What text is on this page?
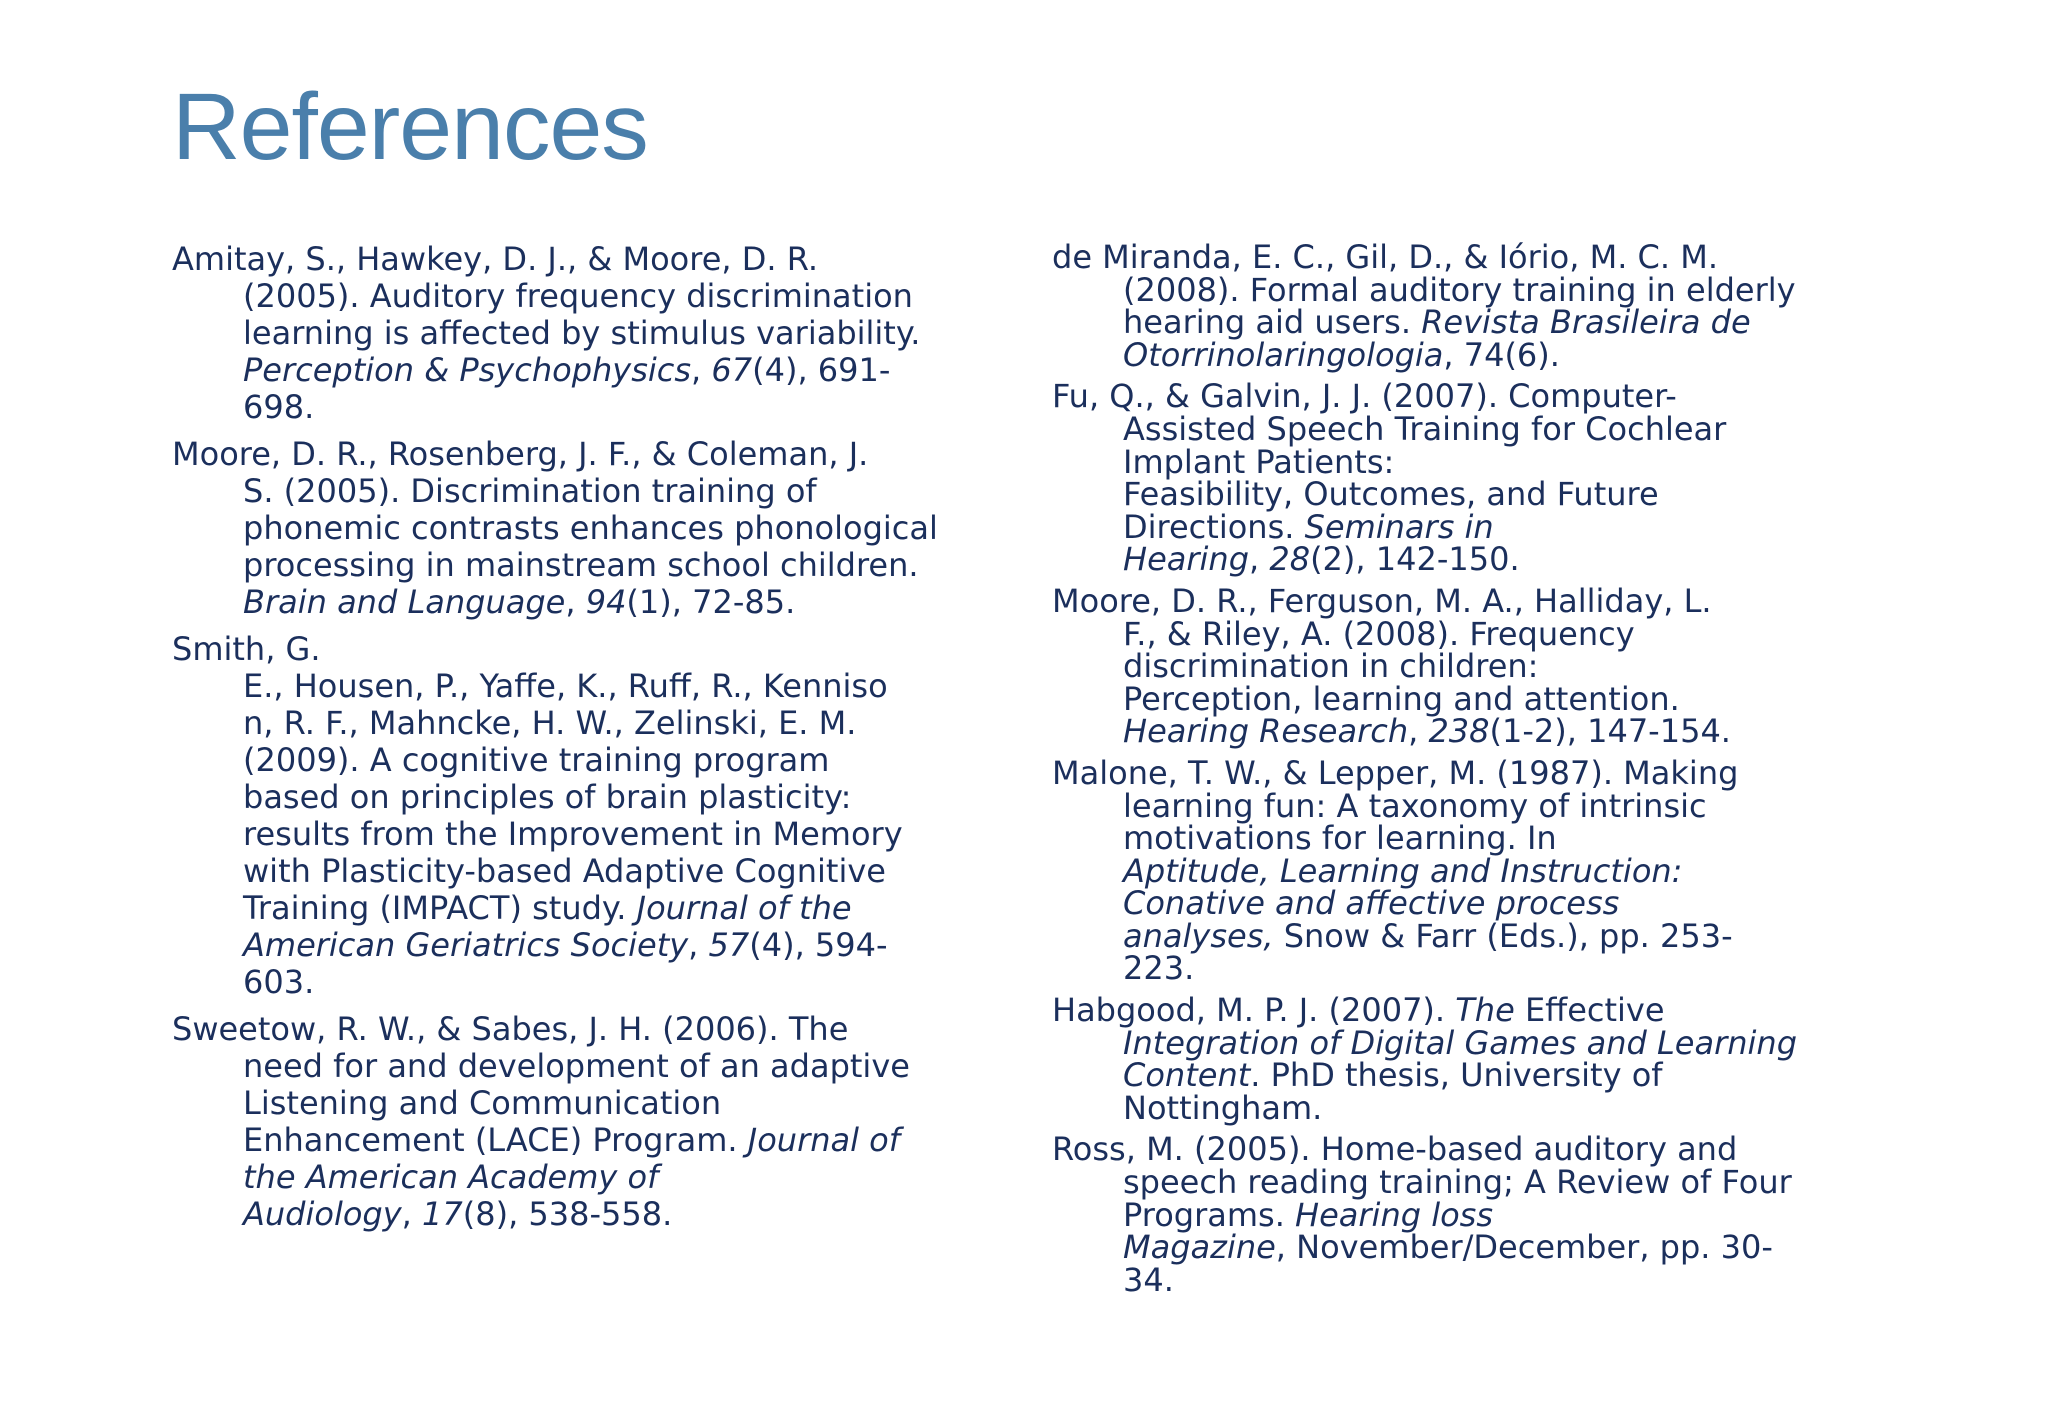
References

Amitay, S., Hawkey, D. J., & Moore, D. R.
(2005). Auditory frequency discrimination
learning is affected by stimulus variability.
Perception & Psychophysics, 67(4), 691-
698.

Moore, D. R., Rosenberg, J. F., & Coleman, J.
S. (2005). Discrimination training of
phonemic contrasts enhances phonological
processing in mainstream school children.
Brain and Language, 94(1), 72-85.

Smith, G.
E., Housen, P., Yaffe, K., Ruff, R., Kenniso
n, R. F., Mahncke, H. W., Zelinski, E. M.
(2009). A cognitive training program
based on principles of brain plasticity:
results from the Improvement in Memory
with Plasticity-based Adaptive Cognitive
Training (IMPACT) study. Journal of the
American Geriatrics Society, 57(4), 594-
603.

Sweetow, R. W., & Sabes, J. H. (2006). The
need for and development of an adaptive
Listening and Communication
Enhancement (LACE) Program. Journal of
the American Academy of
Audiology, 17(8), 538-558.

de Miranda, E. C., Gil, D., & Iório, M. C. M.
(2008). Formal auditory training in elderly
hearing aid users. Revista Brasileira de
Otorrinolaringologia, 74(6).

Fu, Q., & Galvin, J. J. (2007). Computer-
Assisted Speech Training for Cochlear
Implant Patients:
Feasibility, Outcomes, and Future
Directions. Seminars in
Hearing, 28(2), 142-150.

Moore, D. R., Ferguson, M. A., Halliday, L.
F., & Riley, A. (2008). Frequency
discrimination in children:
Perception, learning and attention.
Hearing Research, 238(1-2), 147-154.

Malone, T. W., & Lepper, M. (1987). Making
learning fun: A taxonomy of intrinsic
motivations for learning. In
Aptitude, Learning and Instruction:
Conative and affective process
analyses, Snow & Farr (Eds.), pp. 253-
223.

Habgood, M. P. J. (2007). The Effective
Integration of Digital Games and Learning
Content. PhD thesis, University of
Nottingham.

Ross, M. (2005). Home-based auditory and
speech reading training; A Review of Four
Programs. Hearing loss
Magazine, November/December, pp. 30-
34.
